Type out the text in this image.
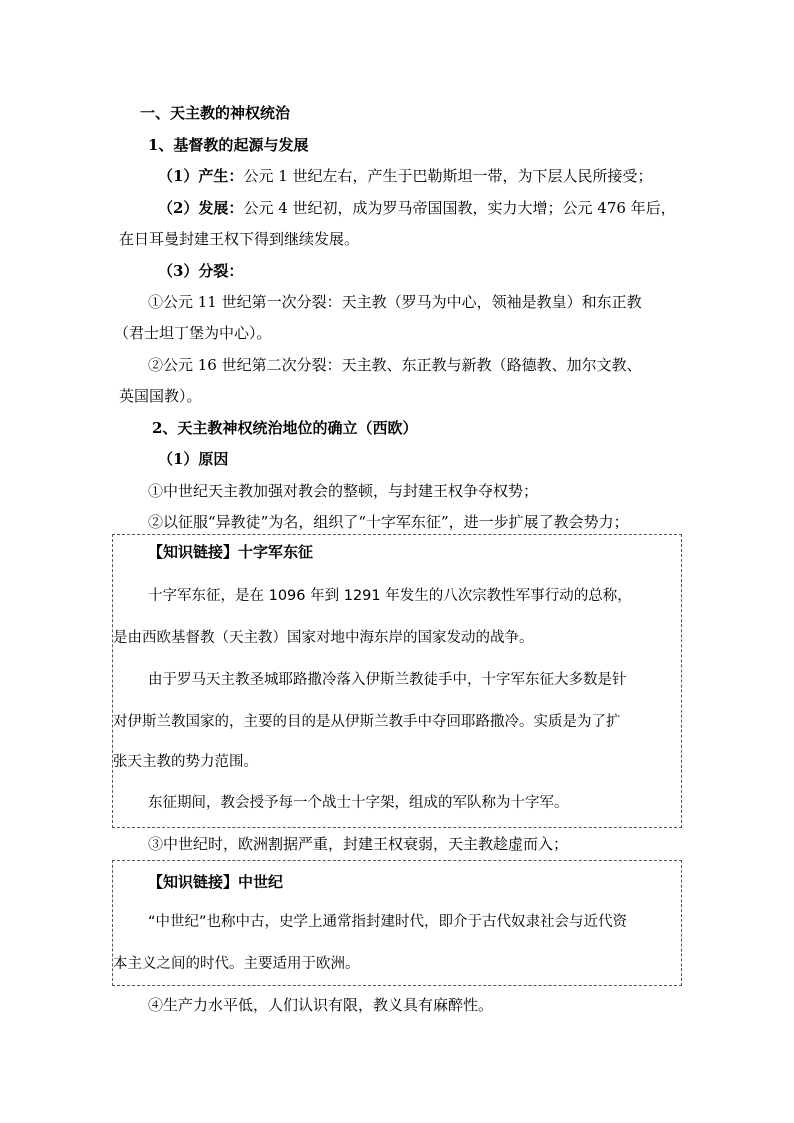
一、天主教的神权统治
1、基督教的起源与发展
（1）产生：公元 1 世纪左右，产生于巴勒斯坦一带，为下层人民所接受；
（2）发展：公元 4 世纪初，成为罗马帝国国教，实力大增；公元 476 年后，
在日耳曼封建王权下得到继续发展。
（3）分裂：
①公元 11 世纪第一次分裂：天主教（罗马为中心，领袖是教皇）和东正教
（君士坦丁堡为中心）。
②公元 16 世纪第二次分裂：天主教、东正教与新教（路德教、加尔文教、
英国国教）。
2、天主教神权统治地位的确立（西欧）
（1）原因
①中世纪天主教加强对教会的整顿，与封建王权争夺权势；
②以征服“异教徒”为名，组织了“十字军东征”，进一步扩展了教会势力；
【知识链接】十字军东征
十字军东征，是在 1096 年到 1291 年发生的八次宗教性军事行动的总称，
是由西欧基督教（天主教）国家对地中海东岸的国家发动的战争。
由于罗马天主教圣城耶路撒冷落入伊斯兰教徒手中，十字军东征大多数是针
对伊斯兰教国家的，主要的目的是从伊斯兰教手中夺回耶路撒冷。实质是为了扩
张天主教的势力范围。
东征期间，教会授予每一个战士十字架，组成的军队称为十字军。
③中世纪时，欧洲割据严重，封建王权衰弱，天主教趁虚而入；
【知识链接】中世纪
“中世纪”也称中古，史学上通常指封建时代，即介于古代奴隶社会与近代资
本主义之间的时代。主要适用于欧洲。
④生产力水平低，人们认识有限，教义具有麻醉性。
